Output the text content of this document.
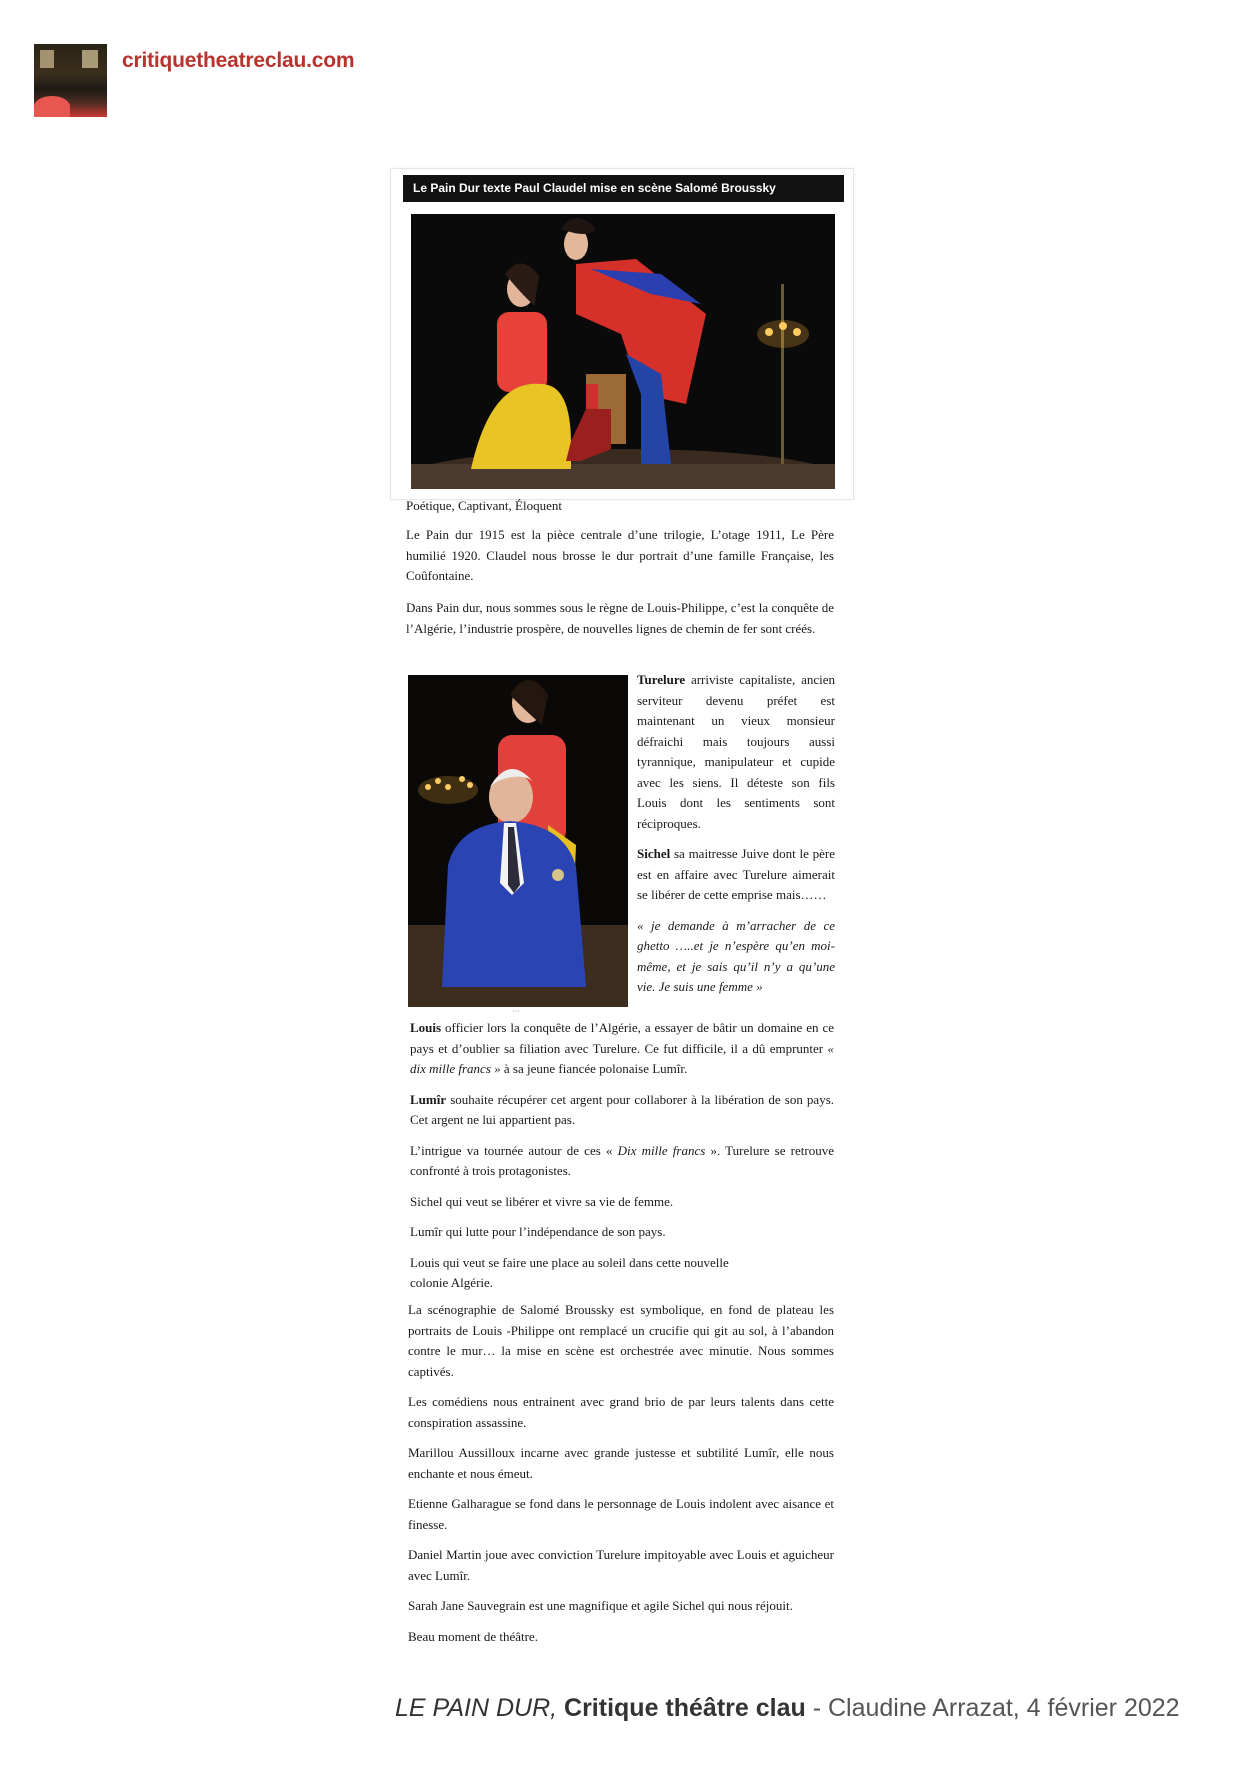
critiquetheatreclau.com
Le Pain Dur texte Paul Claudel mise en scène Salomé Broussky
Poétique, Captivant, Éloquent

Le Pain dur 1915 est la pièce centrale d’une trilogie, L’otage 1911, Le Père humilié 1920. Claudel nous brosse le dur portrait d’une famille Française, les Coûfontaine.

Dans Pain dur, nous sommes sous le règne de Louis-Philippe, c’est la conquête de l’Algérie, l’industrie prospère, de nouvelles lignes de chemin de fer sont créés.

···

Turelure arriviste capitaliste, ancien serviteur devenu préfet est maintenant un vieux monsieur défraichi mais toujours aussi tyrannique, manipulateur et cupide avec les siens. Il déteste son fils Louis dont les sentiments sont réciproques.

Sichel sa maitresse Juive dont le père est en affaire avec Turelure aimerait se libérer de cette emprise mais……

« je demande à m’arracher de ce ghetto …..et je n’espère qu’en moi-même, et je sais qu’il n’y a qu’une vie. Je suis une femme »

Louis officier lors la conquête de l’Algérie, a essayer de bâtir un domaine en ce pays et d’oublier sa filiation avec Turelure. Ce fut difficile, il a dû emprunter « dix mille francs » à sa jeune fiancée polonaise Lumîr.

Lumîr souhaite récupérer cet argent pour collaborer à la libération de son pays. Cet argent ne lui appartient pas.

L’intrigue va tournée autour de ces « Dix mille francs ». Turelure se retrouve confronté à trois protagonistes.

Sichel qui veut se libérer et vivre sa vie de femme.

Lumîr qui lutte pour l’indépendance de son pays.

Louis qui veut se faire une place au soleil dans cette nouvelle colonie Algérie.

La scénographie de Salomé Broussky est symbolique, en fond de plateau les portraits de Louis -Philippe ont remplacé un crucifie qui git au sol, à l’abandon contre le mur… la mise en scène est orchestrée avec minutie. Nous sommes captivés.

Les comédiens nous entrainent avec grand brio de par leurs talents dans cette conspiration assassine.

Marillou Aussilloux incarne avec grande justesse et subtilité Lumîr, elle nous enchante et nous émeut.

Etienne Galharague se fond dans le personnage de Louis indolent avec aisance et finesse.

Daniel Martin joue avec conviction Turelure impitoyable avec Louis et aguicheur avec Lumîr.

Sarah Jane Sauvegrain est une magnifique et agile Sichel qui nous réjouit.

Beau moment de théâtre.

LE PAIN DUR, Critique théâtre clau - Claudine Arrazat, 4 février 2022
